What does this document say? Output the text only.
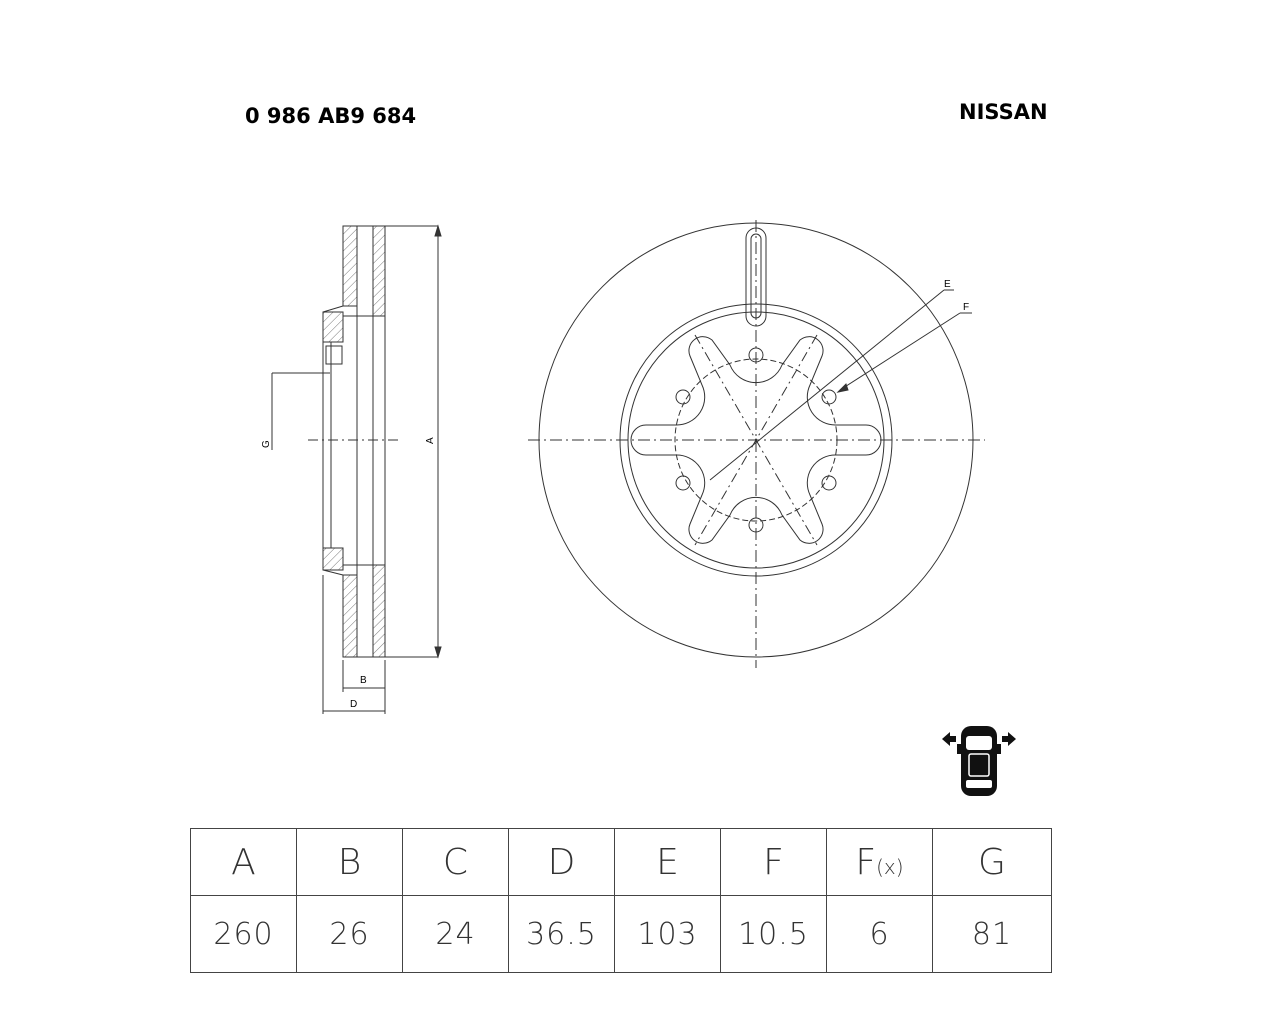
0 986 AB9 684	NISSAN
G	A
B
D
E
F
A	B	C	D	E	F	F(x)	G
260	26	24	36.5	103	10.5	6	81
